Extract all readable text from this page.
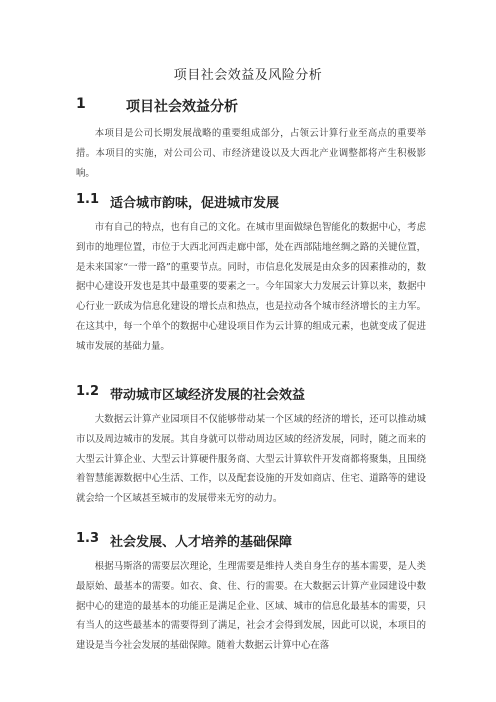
项目社会效益及风险分析
1	项目社会效益分析
本项目是公司长期发展战略的重要组成部分，占领云计算行业至高点的重要举措。本项目的实施，对公司公司、市经济建设以及大西北产业调整都将产生积极影响。
1.1 适合城市韵味，促进城市发展
市有自己的特点，也有自己的文化。在城市里面做绿色智能化的数据中心，考虑到市的地理位置，市位于大西北河西走廊中部，处在西部陆地丝绸之路的关键位置，是未来国家“一带一路”的重要节点。同时，市信息化发展是由众多的因素推动的，数据中心建设开发也是其中最重要的要素之一。今年国家大力发展云计算以来，数据中心行业一跃成为信息化建设的增长点和热点，也是拉动各个城市经济增长的主力军。在这其中，每一个单个的数据中心建设项目作为云计算的组成元素，也就变成了促进城市发展的基础力量。
1.2 带动城市区域经济发展的社会效益
大数据云计算产业园项目不仅能够带动某一个区域的经济的增长，还可以推动城市以及周边城市的发展。其自身就可以带动周边区域的经济发展，同时，随之而来的大型云计算企业、大型云计算硬件服务商、大型云计算软件开发商都将聚集，且围绕着智慧能源数据中心生活、工作，以及配套设施的开发如商店、住宅、道路等的建设就会给一个区域甚至城市的发展带来无穷的动力。
1.3 社会发展、人才培养的基础保障
根据马斯洛的需要层次理论，生理需要是维持人类自身生存的基本需要，是人类最原始、最基本的需要。如衣、食、住、行的需要。在大数据云计算产业园建设中数据中心的建造的最基本的功能正是满足企业、区域、城市的信息化最基本的需要，只有当人的这些最基本的需要得到了满足，社会才会得到发展，因此可以说，本项目的建设是当今社会发展的基础保障。随着大数据云计算中心在落
